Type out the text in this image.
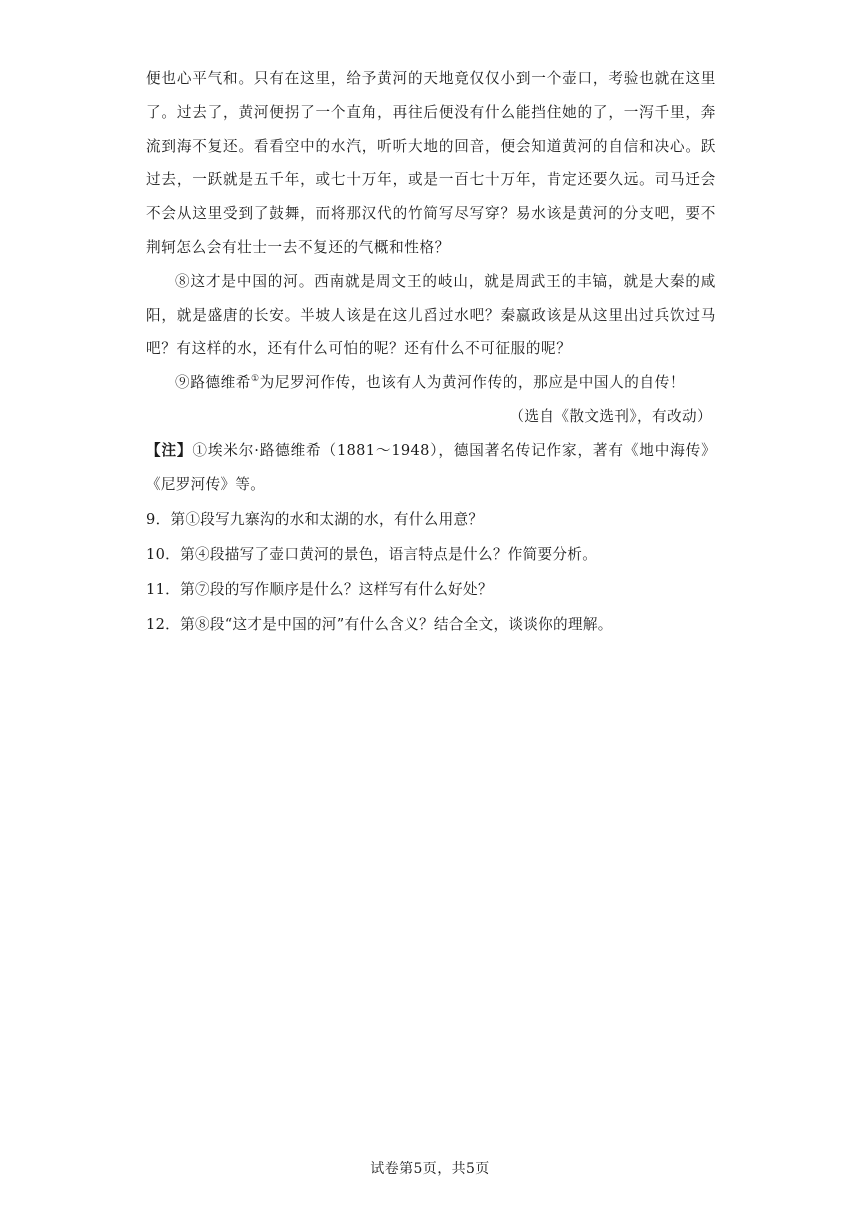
便也心平气和。只有在这里，给予黄河的天地竟仅仅小到一个壶口，考验也就在这里了。过去了，黄河便拐了一个直角，再往后便没有什么能挡住她的了，一泻千里，奔流到海不复还。看看空中的水汽，听听大地的回音，便会知道黄河的自信和决心。跃过去，一跃就是五千年，或七十万年，或是一百七十万年，肯定还要久远。司马迁会不会从这里受到了鼓舞，而将那汉代的竹简写尽写穿？易水该是黄河的分支吧，要不荆轲怎么会有壮士一去不复还的气概和性格？

⑧这才是中国的河。西南就是周文王的岐山，就是周武王的丰镐，就是大秦的咸阳，就是盛唐的长安。半坡人该是在这儿舀过水吧？秦嬴政该是从这里出过兵饮过马吧？有这样的水，还有什么可怕的呢？还有什么不可征服的呢？

⑨路德维希①为尼罗河作传，也该有人为黄河作传的，那应是中国人的自传！

（选自《散文选刊》，有改动）

【注】①埃米尔·路德维希（1881～1948），德国著名传记作家，著有《地中海传》《尼罗河传》等。

9．第①段写九寨沟的水和太湖的水，有什么用意？

10．第④段描写了壶口黄河的景色，语言特点是什么？作简要分析。

11．第⑦段的写作顺序是什么？这样写有什么好处？

12．第⑧段“这才是中国的河”有什么含义？结合全文，谈谈你的理解。

试卷第5页，共5页
